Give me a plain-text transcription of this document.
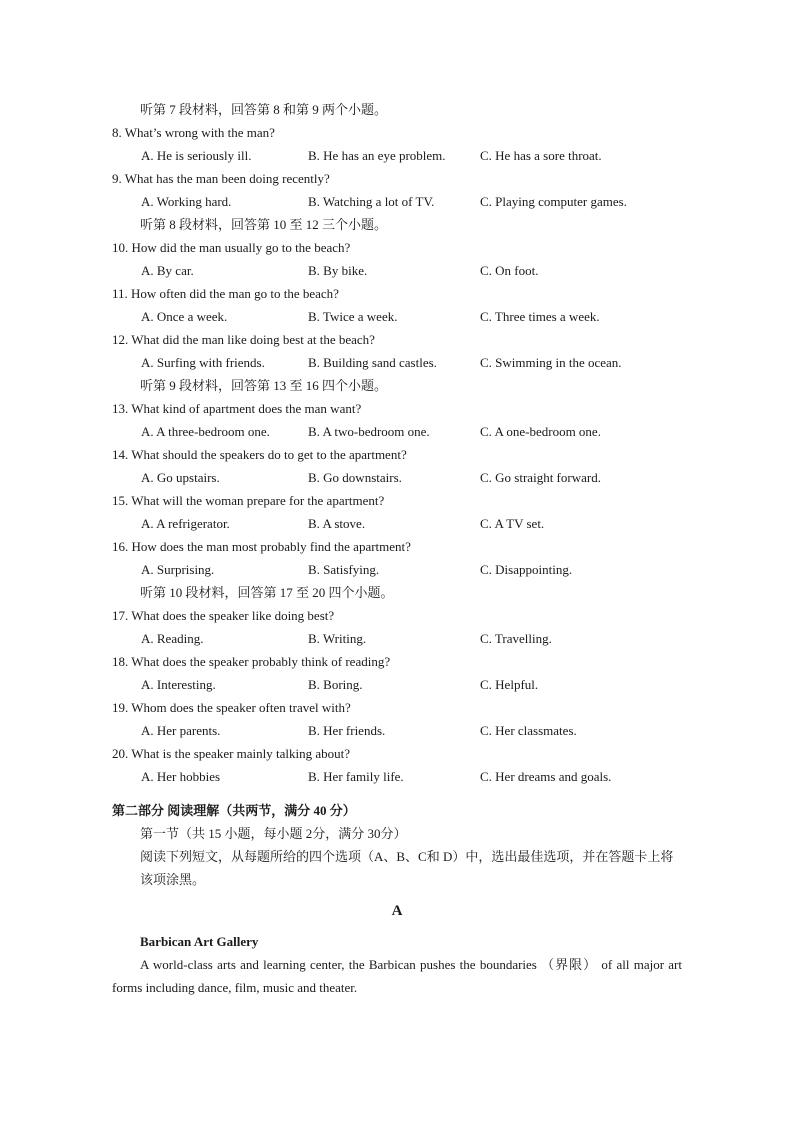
听第 7 段材料，回答第 8 和第 9 两个小题。
8. What’s wrong with the man?
A. He is seriously ill.	B. He has an eye problem.	C. He has a sore throat.
9. What has the man been doing recently?
A. Working hard.	B. Watching a lot of TV.	C. Playing computer games.
听第 8 段材料，回答第 10 至 12 三个小题。
10. How did the man usually go to the beach?
A. By car.	B. By bike.	C. On foot.
11. How often did the man go to the beach?
A. Once a week.	B. Twice a week.	C. Three times a week.
12. What did the man like doing best at the beach?
A. Surfing with friends.	B. Building sand castles.	C. Swimming in the ocean.
听第 9 段材料，回答第 13 至 16 四个小题。
13. What kind of apartment does the man want?
A. A three-bedroom one.	B. A two-bedroom one.	C. A one-bedroom one.
14. What should the speakers do to get to the apartment?
A. Go upstairs.	B. Go downstairs.	C. Go straight forward.
15. What will the woman prepare for the apartment?
A. A refrigerator.	B. A stove.	C. A TV set.
16. How does the man most probably find the apartment?
A. Surprising.	B. Satisfying.	C. Disappointing.
听第 10 段材料，回答第 17 至 20 四个小题。
17. What does the speaker like doing best?
A. Reading.	B. Writing.	C. Travelling.
18. What does the speaker probably think of reading?
A. Interesting.	B. Boring.	C. Helpful.
19. Whom does the speaker often travel with?
A. Her parents.	B. Her friends.	C. Her classmates.
20. What is the speaker mainly talking about?
A. Her hobbies	B. Her family life.	C. Her dreams and goals.
第二部分 阅读理解（共两节，满分 40 分）
第一节（共 15 小题，每小题 2分，满分 30分）
阅读下列短文，从每题所给的四个选项（A、B、C和 D）中，选出最佳选项，并在答题卡上将该项涂黑。
A
Barbican Art Gallery
A world-class arts and learning center, the Barbican pushes the boundaries （界限） of all major art forms including dance, film, music and theater.
